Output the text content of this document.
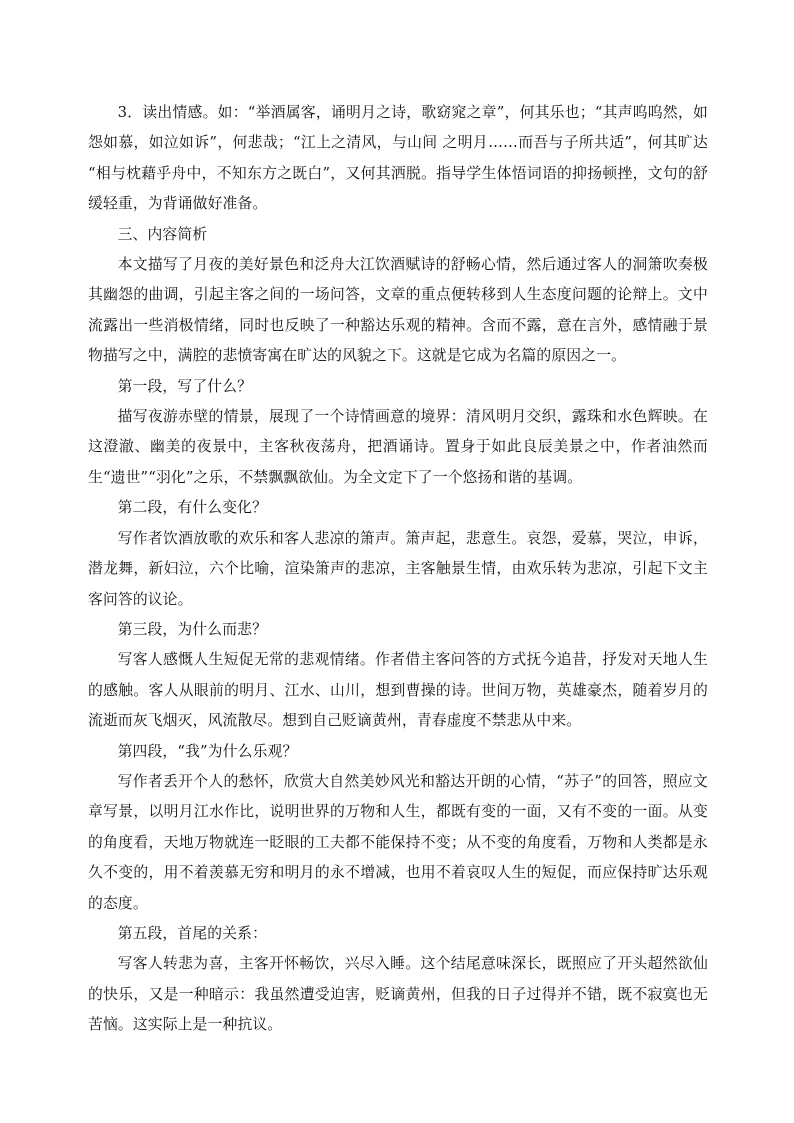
3．读出情感。如：“举酒属客，诵明月之诗，歌窈窕之章”，何其乐也；“其声呜呜然，如怨如慕，如泣如诉”，何悲哉；“江上之清风，与山间 之明月……而吾与子所共适”，何其旷达 “相与枕藉乎舟中，不知东方之既白”，又何其洒脱。指导学生体悟词语的抑扬顿挫，文句的舒缓轻重，为背诵做好准备。

三、内容简析

本文描写了月夜的美好景色和泛舟大江饮酒赋诗的舒畅心情，然后通过客人的洞箫吹奏极其幽怨的曲调，引起主客之间的一场问答，文章的重点便转移到人生态度问题的论辩上。文中流露出一些消极情绪，同时也反映了一种豁达乐观的精神。含而不露，意在言外，感情融于景物描写之中，满腔的悲愤寄寓在旷达的风貌之下。这就是它成为名篇的原因之一。

第一段，写了什么？

描写夜游赤壁的情景，展现了一个诗情画意的境界：清风明月交织，露珠和水色辉映。在这澄澈、幽美的夜景中，主客秋夜荡舟，把酒诵诗。置身于如此良辰美景之中，作者油然而生“遗世”“羽化”之乐，不禁飘飘欲仙。为全文定下了一个悠扬和谐的基调。

第二段，有什么变化？

写作者饮酒放歌的欢乐和客人悲凉的箫声。箫声起，悲意生。哀怨，爱慕，哭泣，申诉，潜龙舞，新妇泣，六个比喻，渲染箫声的悲凉，主客触景生情，由欢乐转为悲凉，引起下文主客问答的议论。

第三段，为什么而悲？

写客人感慨人生短促无常的悲观情绪。作者借主客问答的方式抚今追昔，抒发对天地人生的感触。客人从眼前的明月、江水、山川，想到曹操的诗。世间万物，英雄豪杰，随着岁月的流逝而灰飞烟灭，风流散尽。想到自己贬谪黄州，青春虚度不禁悲从中来。

第四段，“我”为什么乐观？

写作者丢开个人的愁怀，欣赏大自然美妙风光和豁达开朗的心情，“苏子”的回答，照应文章写景，以明月江水作比，说明世界的万物和人生，都既有变的一面，又有不变的一面。从变的角度看，天地万物就连一眨眼的工夫都不能保持不变；从不变的角度看，万物和人类都是永久不变的，用不着羡慕无穷和明月的永不增减，也用不着哀叹人生的短促，而应保持旷达乐观的态度。

第五段，首尾的关系：

写客人转悲为喜，主客开怀畅饮，兴尽入睡。这个结尾意味深长，既照应了开头超然欲仙的快乐，又是一种暗示：我虽然遭受迫害，贬谪黄州，但我的日子过得并不错，既不寂寞也无苦恼。这实际上是一种抗议。
